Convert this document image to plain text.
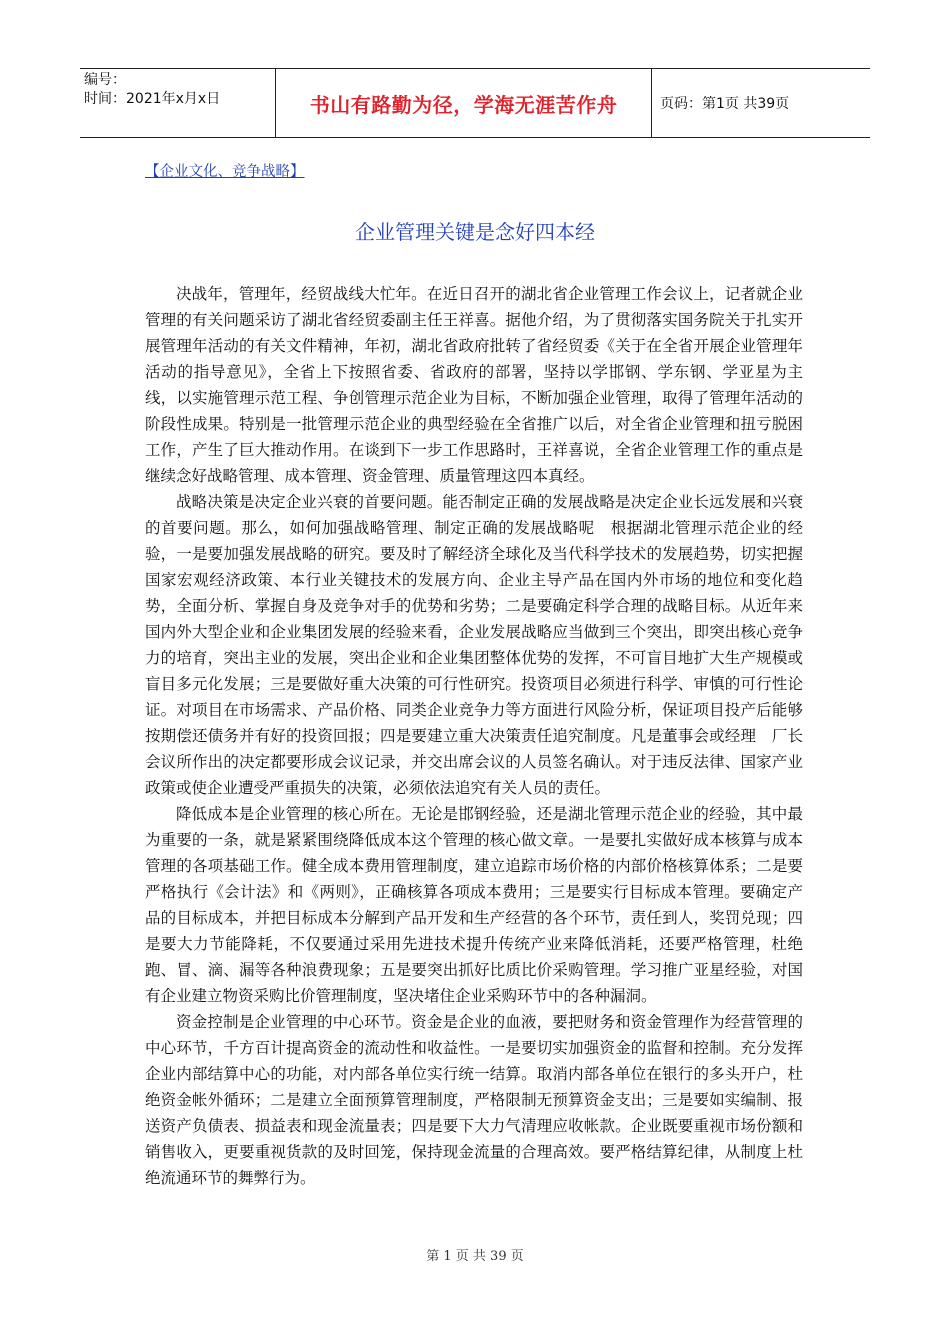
编号：
时间：2021年x月x日	书山有路勤为径，学海无涯苦作舟	页码：第1页 共39页
【企业文化、竞争战略】
企业管理关键是念好四本经

决战年，管理年，经贸战线大忙年。在近日召开的湖北省企业管理工作会议上，记者就企业管理的有关问题采访了湖北省经贸委副主任王祥喜。据他介绍，为了贯彻落实国务院关于扎实开展管理年活动的有关文件精神，年初，湖北省政府批转了省经贸委《关于在全省开展企业管理年活动的指导意见》，全省上下按照省委、省政府的部署，坚持以学邯钢、学东钢、学亚星为主线，以实施管理示范工程、争创管理示范企业为目标，不断加强企业管理，取得了管理年活动的阶段性成果。特别是一批管理示范企业的典型经验在全省推广以后，对全省企业管理和扭亏脱困工作，产生了巨大推动作用。在谈到下一步工作思路时，王祥喜说，全省企业管理工作的重点是继续念好战略管理、成本管理、资金管理、质量管理这四本真经。

战略决策是决定企业兴衰的首要问题。能否制定正确的发展战略是决定企业长远发展和兴衰的首要问题。那么，如何加强战略管理、制定正确的发展战略呢　根据湖北管理示范企业的经验，一是要加强发展战略的研究。要及时了解经济全球化及当代科学技术的发展趋势，切实把握国家宏观经济政策、本行业关键技术的发展方向、企业主导产品在国内外市场的地位和变化趋势，全面分析、掌握自身及竞争对手的优势和劣势；二是要确定科学合理的战略目标。从近年来国内外大型企业和企业集团发展的经验来看，企业发展战略应当做到三个突出，即突出核心竞争力的培育，突出主业的发展，突出企业和企业集团整体优势的发挥，不可盲目地扩大生产规模或盲目多元化发展；三是要做好重大决策的可行性研究。投资项目必须进行科学、审慎的可行性论证。对项目在市场需求、产品价格、同类企业竞争力等方面进行风险分析，保证项目投产后能够按期偿还债务并有好的投资回报；四是要建立重大决策责任追究制度。凡是董事会或经理　厂长　会议所作出的决定都要形成会议记录，并交出席会议的人员签名确认。对于违反法律、国家产业政策或使企业遭受严重损失的决策，必须依法追究有关人员的责任。

降低成本是企业管理的核心所在。无论是邯钢经验，还是湖北管理示范企业的经验，其中最为重要的一条，就是紧紧围绕降低成本这个管理的核心做文章。一是要扎实做好成本核算与成本管理的各项基础工作。健全成本费用管理制度，建立追踪市场价格的内部价格核算体系；二是要严格执行《会计法》和《两则》，正确核算各项成本费用；三是要实行目标成本管理。要确定产品的目标成本，并把目标成本分解到产品开发和生产经营的各个环节，责任到人，奖罚兑现；四是要大力节能降耗，不仅要通过采用先进技术提升传统产业来降低消耗，还要严格管理，杜绝跑、冒、滴、漏等各种浪费现象；五是要突出抓好比质比价采购管理。学习推广亚星经验，对国有企业建立物资采购比价管理制度，坚决堵住企业采购环节中的各种漏洞。

资金控制是企业管理的中心环节。资金是企业的血液，要把财务和资金管理作为经营管理的中心环节，千方百计提高资金的流动性和收益性。一是要切实加强资金的监督和控制。充分发挥企业内部结算中心的功能，对内部各单位实行统一结算。取消内部各单位在银行的多头开户，杜绝资金帐外循环；二是建立全面预算管理制度，严格限制无预算资金支出；三是要如实编制、报送资产负债表、损益表和现金流量表；四是要下大力气清理应收帐款。企业既要重视市场份额和销售收入，更要重视货款的及时回笼，保持现金流量的合理高效。要严格结算纪律，从制度上杜绝流通环节的舞弊行为。

第 1 页 共 39 页
